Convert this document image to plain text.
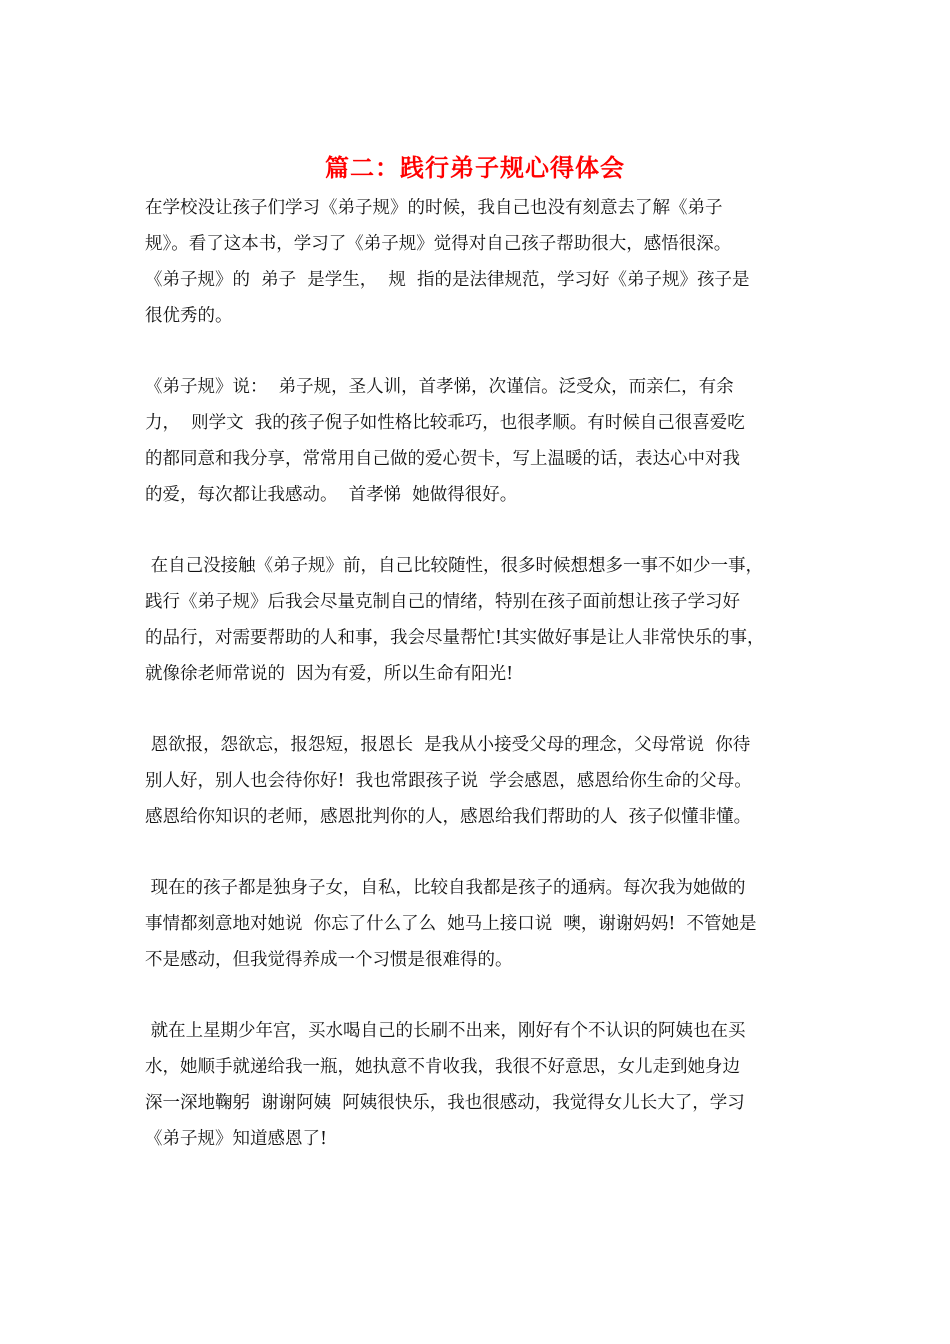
篇二：践行弟子规心得体会
在学校没让孩子们学习《弟子规》的时候，我自己也没有刻意去了解《弟子
规》。看了这本书，学习了《弟子规》觉得对自己孩子帮助很大，感悟很深。
《弟子规》的  弟子  是学生，  规  指的是法律规范，学习好《弟子规》孩子是
很优秀的。
《弟子规》说：  弟子规，圣人训，首孝悌，次谨信。泛受众，而亲仁，有余
力，  则学文  我的孩子倪子如性格比较乖巧，也很孝顺。有时候自己很喜爱吃
的都同意和我分享，常常用自己做的爱心贺卡，写上温暖的话，表达心中对我
的爱，每次都让我感动。  首孝悌  她做得很好。
在自己没接触《弟子规》前，自己比较随性，很多时候想想多一事不如少一事，
践行《弟子规》后我会尽量克制自己的情绪，特别在孩子面前想让孩子学习好
的品行，对需要帮助的人和事，我会尽量帮忙!其实做好事是让人非常快乐的事，
就像徐老师常说的  因为有爱，所以生命有阳光!
恩欲报，怨欲忘，报怨短，报恩长  是我从小接受父母的理念，父母常说  你待
别人好，别人也会待你好!  我也常跟孩子说  学会感恩，感恩给你生命的父母。
感恩给你知识的老师，感恩批判你的人，感恩给我们帮助的人  孩子似懂非懂。
现在的孩子都是独身子女，自私，比较自我都是孩子的通病。每次我为她做的
事情都刻意地对她说  你忘了什么了么  她马上接口说  噢，谢谢妈妈!  不管她是
不是感动，但我觉得养成一个习惯是很难得的。
就在上星期少年宫，买水喝自己的长刷不出来，刚好有个不认识的阿姨也在买
水，她顺手就递给我一瓶，她执意不肯收我，我很不好意思，女儿走到她身边
深一深地鞠躬  谢谢阿姨  阿姨很快乐，我也很感动，我觉得女儿长大了，学习
《弟子规》知道感恩了!
